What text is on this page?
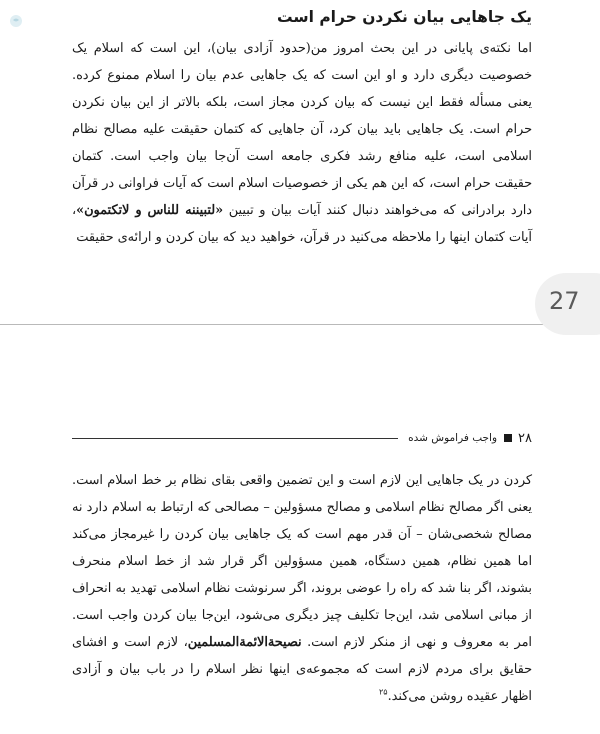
یک جاهایی بیان نکردن حرام است

اما نکته‌ی پایانی در این بحث امروز من(حدود آزادی بیان)، این است که اسلام یک خصوصیت دیگری دارد و او این است که یک جاهایی عدم بیان را اسلام ممنوع کرده. یعنی مسأله فقط این نیست که بیان کردن مجاز است، بلکه بالاتر از این بیان نکردن حرام است. یک جاهایی باید بیان کرد، آن جاهایی که کتمان حقیقت علیه مصالح نظام اسلامی است، علیه منافع رشد فکری جامعه است آن‌جا بیان واجب است. کتمان حقیقت حرام است، که این هم یکی از خصوصیات اسلام است که آیات فراوانی در قرآن دارد برادرانی که می‌خواهند دنبال کنند آیات بیان و تبیین «لتبیننه للناس و لاتکتمون»، آیات کتمان اینها را ملاحظه می‌کنید در قرآن، خواهید دید که بیان کردن و ارائه‌ی حقیقت

27
۲۸
واجب فراموش شده

کردن در یک جاهایی این لازم است و این تضمین واقعی بقای نظام بر خط اسلام است. یعنی اگر مصالح نظام اسلامی و مصالح مسؤولین – مصالحی که ارتباط به اسلام دارد نه مصالح شخصی‌شان – آن قدر مهم است که یک جاهایی بیان کردن را غیرمجاز می‌کند اما همین نظام، همین دستگاه، همین مسؤولین اگر قرار شد از خط اسلام منحرف بشوند، اگر بنا شد که راه را عوضی بروند، اگر سرنوشت نظام اسلامی تهدید به انحراف از مبانی اسلامی شد، این‌جا تکلیف چیز دیگری می‌شود، این‌جا بیان کردن واجب است. امر به معروف و نهی از منکر لازم است. نصیحةالائمةالمسلمین، لازم است و افشای حقایق برای مردم لازم است که مجموعه‌ی اینها نظر اسلام را در باب بیان و آزادی اظهار عقیده روشن می‌کند.$^{۲۵}$
